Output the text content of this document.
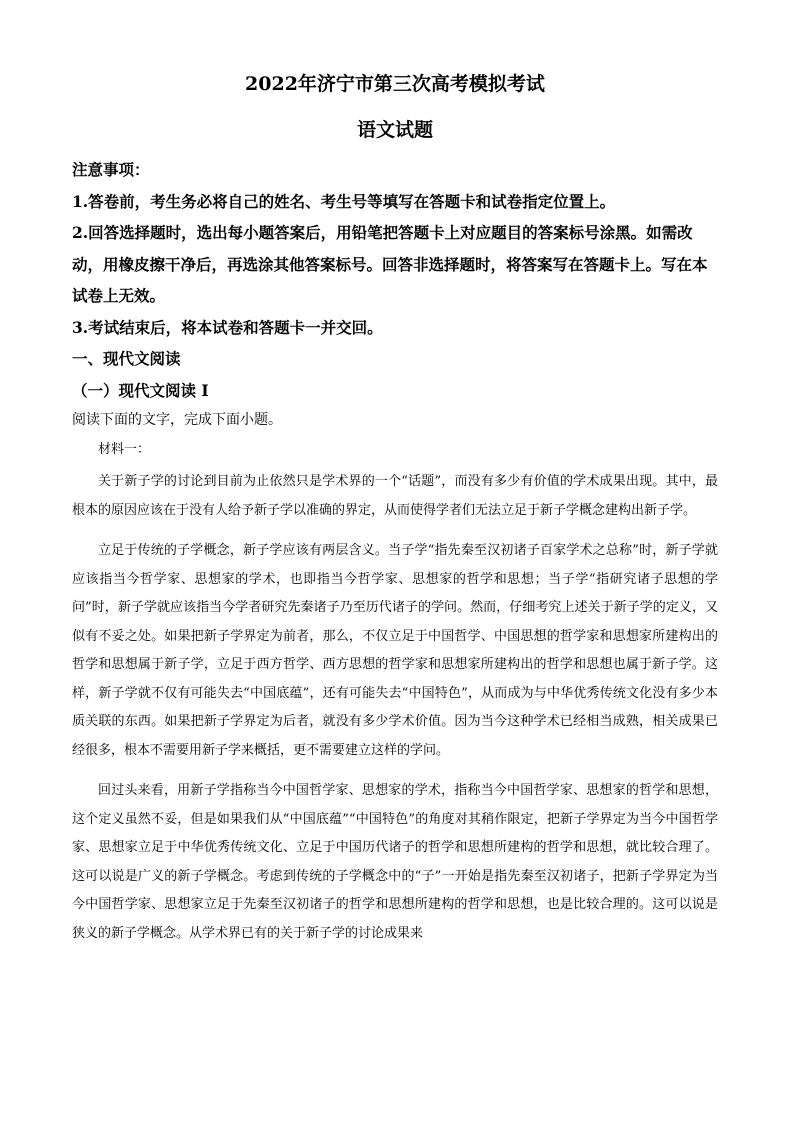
2022年济宁市第三次高考模拟考试
语文试题

注意事项：

1.答卷前，考生务必将自己的姓名、考生号等填写在答题卡和试卷指定位置上。

2.回答选择题时，选出每小题答案后，用铅笔把答题卡上对应题目的答案标号涂黑。如需改动，用橡皮擦干净后，再选涂其他答案标号。回答非选择题时，将答案写在答题卡上。写在本试卷上无效。

3.考试结束后，将本试卷和答题卡一并交回。

一、现代文阅读

（一）现代文阅读 I

阅读下面的文字，完成下面小题。

材料一：

关于新子学的讨论到目前为止依然只是学术界的一个“话题”，而没有多少有价值的学术成果出现。其中，最根本的原因应该在于没有人给予新子学以准确的界定，从而使得学者们无法立足于新子学概念建构出新子学。

立足于传统的子学概念，新子学应该有两层含义。当子学“指先秦至汉初诸子百家学术之总称”时，新子学就应该指当今哲学家、思想家的学术，也即指当今哲学家、思想家的哲学和思想；当子学“指研究诸子思想的学问”时，新子学就应该指当今学者研究先秦诸子乃至历代诸子的学问。然而，仔细考究上述关于新子学的定义，又似有不妥之处。如果把新子学界定为前者，那么，不仅立足于中国哲学、中国思想的哲学家和思想家所建构出的哲学和思想属于新子学，立足于西方哲学、西方思想的哲学家和思想家所建构出的哲学和思想也属于新子学。这样，新子学就不仅有可能失去“中国底蕴”，还有可能失去“中国特色”，从而成为与中华优秀传统文化没有多少本质关联的东西。如果把新子学界定为后者，就没有多少学术价值。因为当今这种学术已经相当成熟，相关成果已经很多，根本不需要用新子学来概括，更不需要建立这样的学问。

回过头来看，用新子学指称当今中国哲学家、思想家的学术，指称当今中国哲学家、思想家的哲学和思想，这个定义虽然不妥，但是如果我们从“中国底蕴”“中国特色”的角度对其稍作限定，把新子学界定为当今中国哲学家、思想家立足于中华优秀传统文化、立足于中国历代诸子的哲学和思想所建构的哲学和思想，就比较合理了。这可以说是广义的新子学概念。考虑到传统的子学概念中的“子”一开始是指先秦至汉初诸子，把新子学界定为当今中国哲学家、思想家立足于先秦至汉初诸子的哲学和思想所建构的哲学和思想，也是比较合理的。这可以说是狭义的新子学概念。从学术界已有的关于新子学的讨论成果来
